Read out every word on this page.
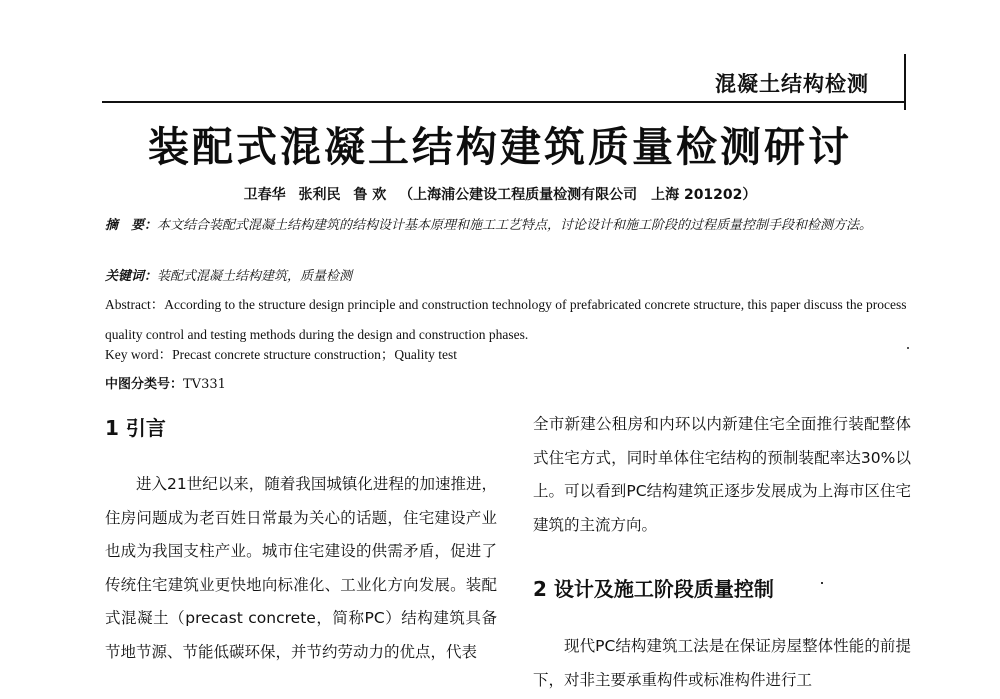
混凝土结构检测
装配式混凝土结构建筑质量检测研讨
卫春华 张利民 鲁 欢 （上海浦公建设工程质量检测有限公司　上海 201202）
摘　要：本文结合装配式混凝土结构建筑的结构设计基本原理和施工工艺特点，讨论设计和施工阶段的过程质量控制手段和检测方法。
关键词：装配式混凝土结构建筑，质量检测
Abstract：According to the structure design principle and construction technology of prefabricated concrete structure, this paper discuss the process quality control and testing methods during the design and construction phases.
Key word：Precast concrete structure construction；Quality test
中图分类号：TV331
1 引言
进入21世纪以来，随着我国城镇化进程的加速推进，住房问题成为老百姓日常最为关心的话题，住宅建设产业也成为我国支柱产业。城市住宅建设的供需矛盾，促进了传统住宅建筑业更快地向标准化、工业化方向发展。装配式混凝土（precast concrete，简称PC）结构建筑具备节地节源、节能低碳环保，并节约劳动力的优点，代表
全市新建公租房和内环以内新建住宅全面推行装配整体式住宅方式，同时单体住宅结构的预制装配率达30%以上。可以看到PC结构建筑正逐步发展成为上海市区住宅建筑的主流方向。
2 设计及施工阶段质量控制
现代PC结构建筑工法是在保证房屋整体性能的前提下，对非主要承重构件或标准构件进行工
